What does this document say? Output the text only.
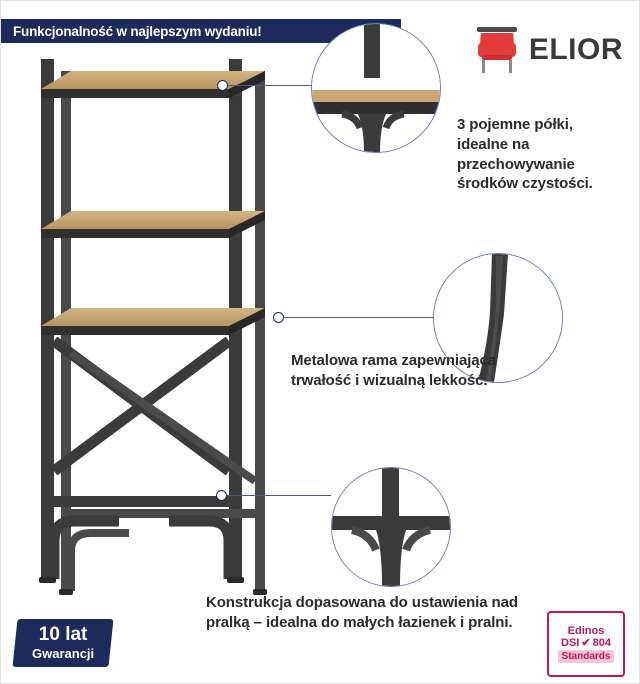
Funkcjonalność w najlepszym wydaniu!
ELIOR
3 pojemne półki, idealne na przechowywanie środków czystości.
Metalowa rama zapewniająca trwałość i wizualną lekkość.
Konstrukcja dopasowana do ustawienia nad pralką – idealna do małych łazienek i pralni.
10 lat
Gwarancji
Edinos
DSI ✔ 804
Standards
